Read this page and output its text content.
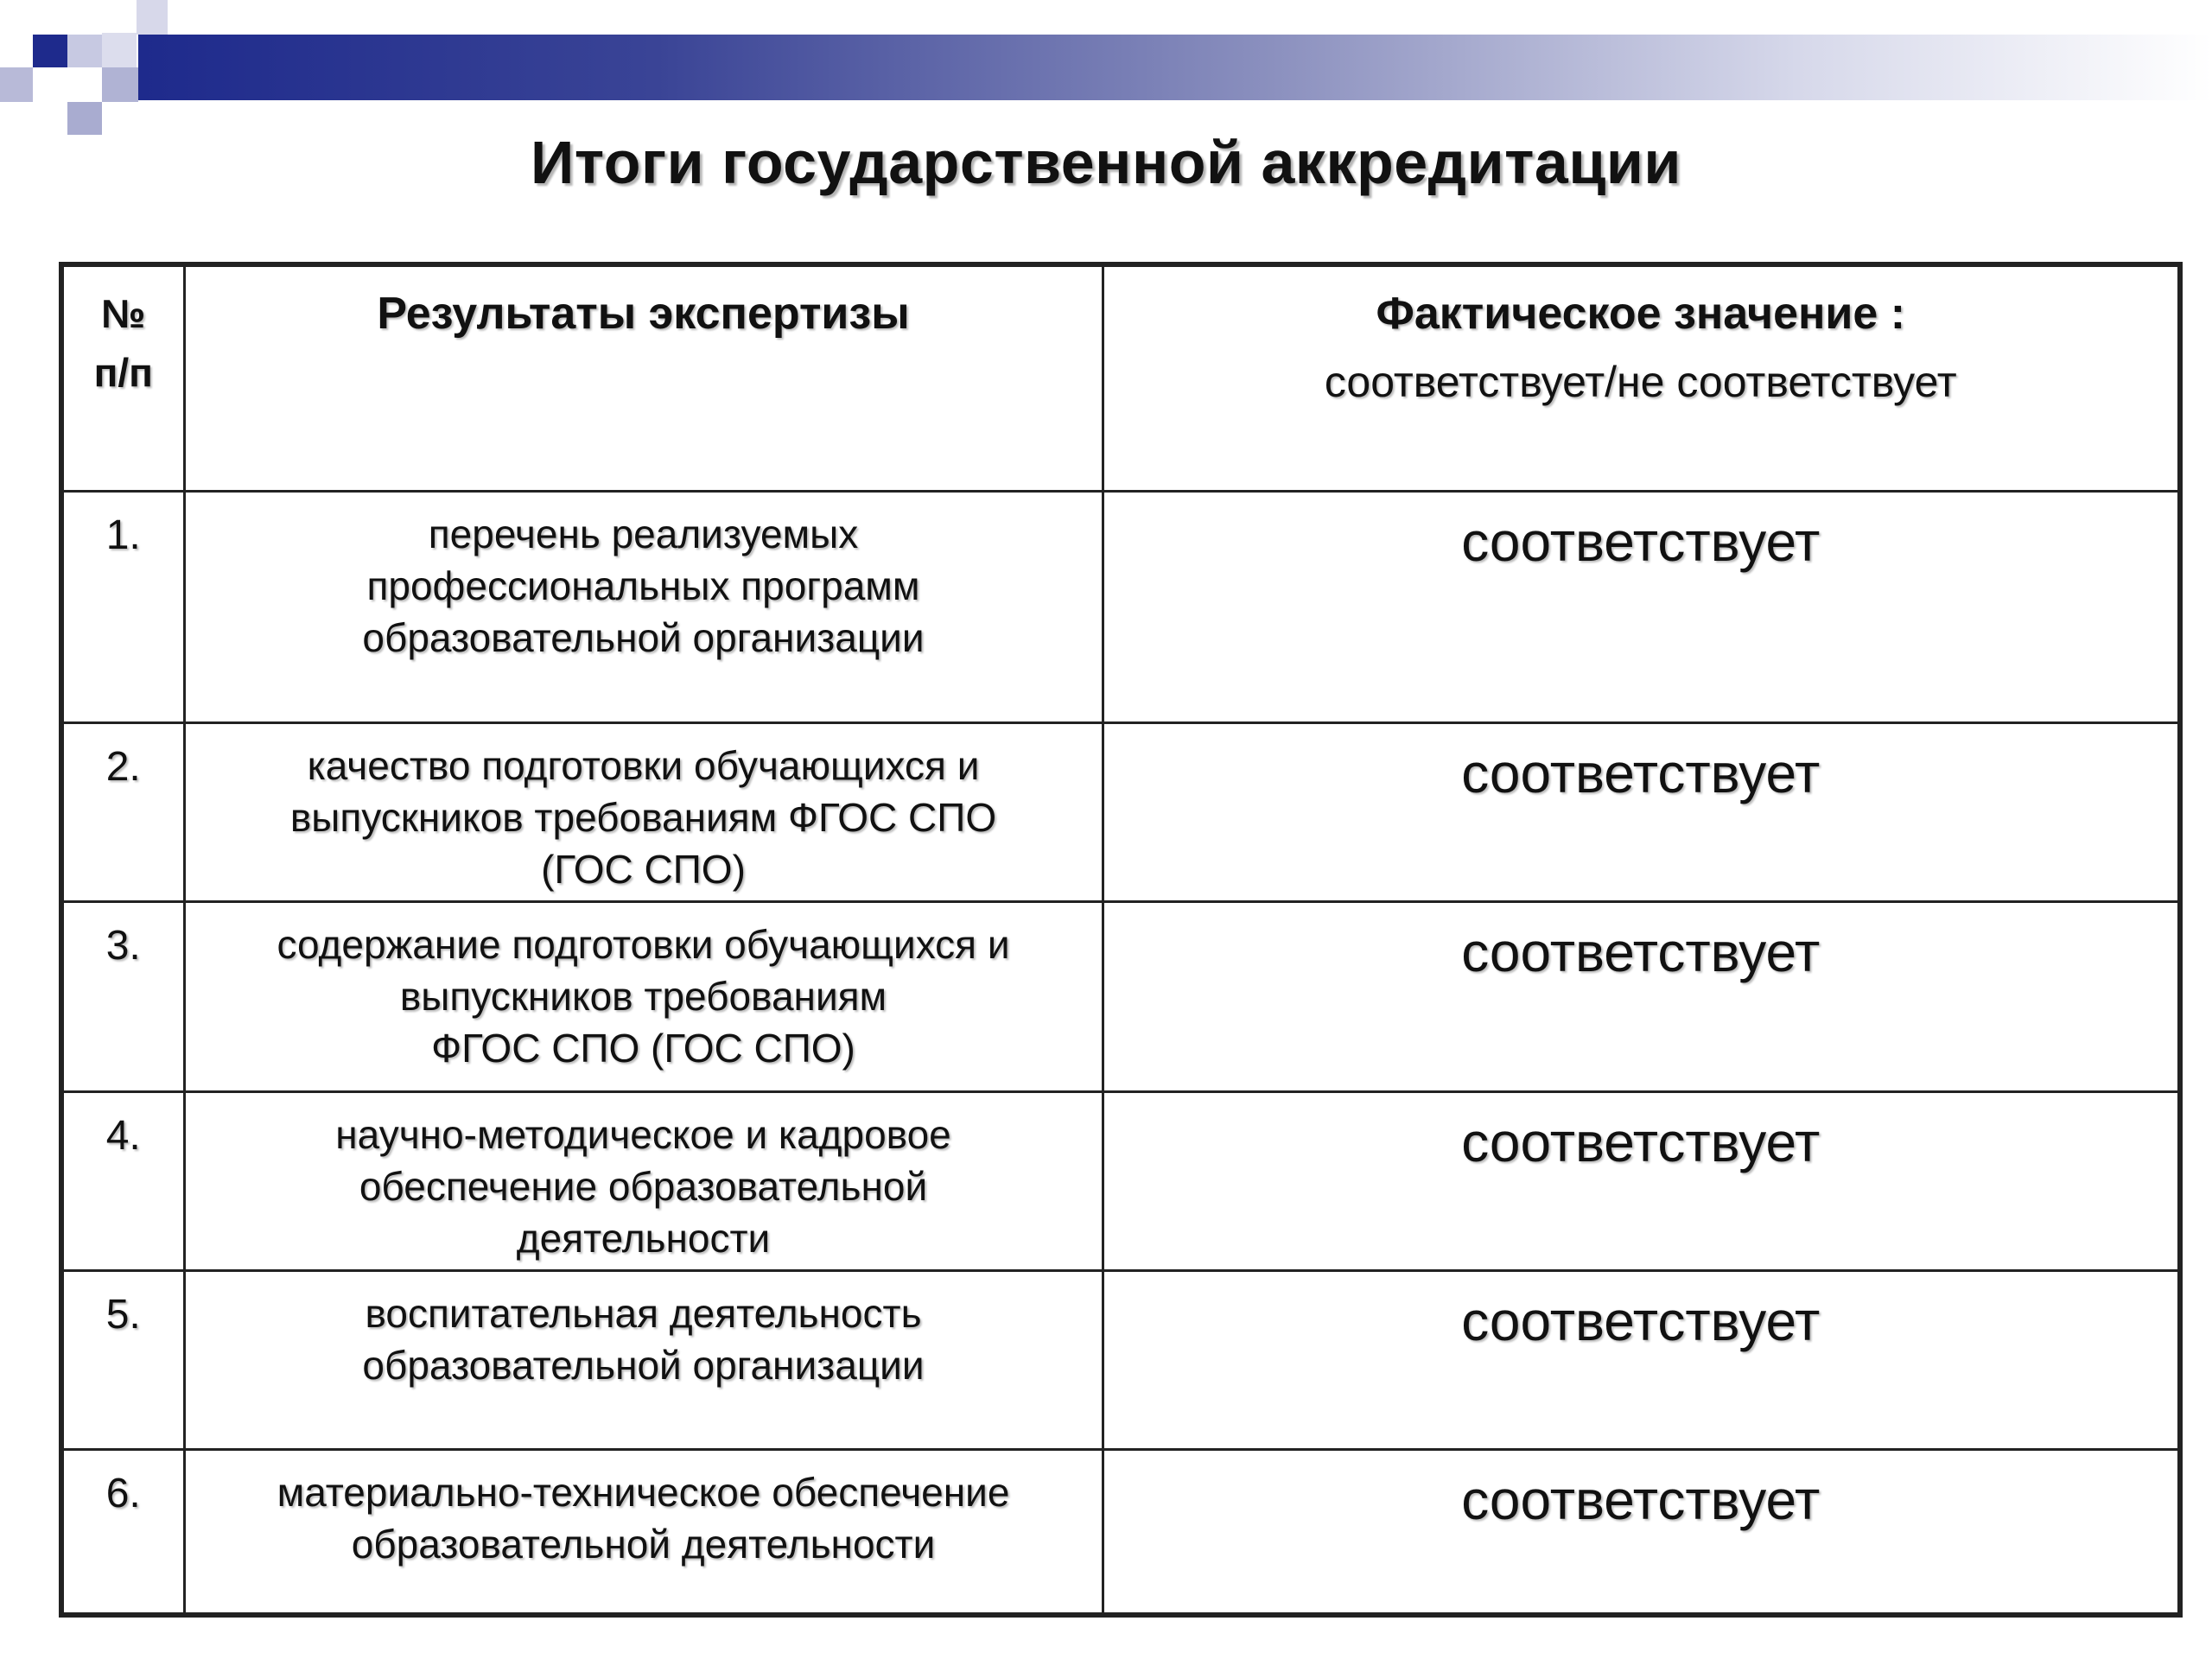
Итоги государственной аккредитации
№ п/п	Результаты экспертизы	Фактическое значение :
соответствует/не соответствует

1.	перечень реализуемых
профессиональных программ
образовательной организации	соответствует

2.	качество подготовки обучающихся и
выпускников требованиям ФГОС СПО
(ГОС СПО)	соответствует

3.	содержание подготовки обучающихся и
выпускников требованиям
ФГОС СПО (ГОС СПО)	соответствует

4.	научно-методическое и кадровое
обеспечение образовательной
деятельности	соответствует

5.	воспитательная деятельность
образовательной организации	соответствует

6.	материально-техническое обеспечение
образовательной деятельности	соответствует
